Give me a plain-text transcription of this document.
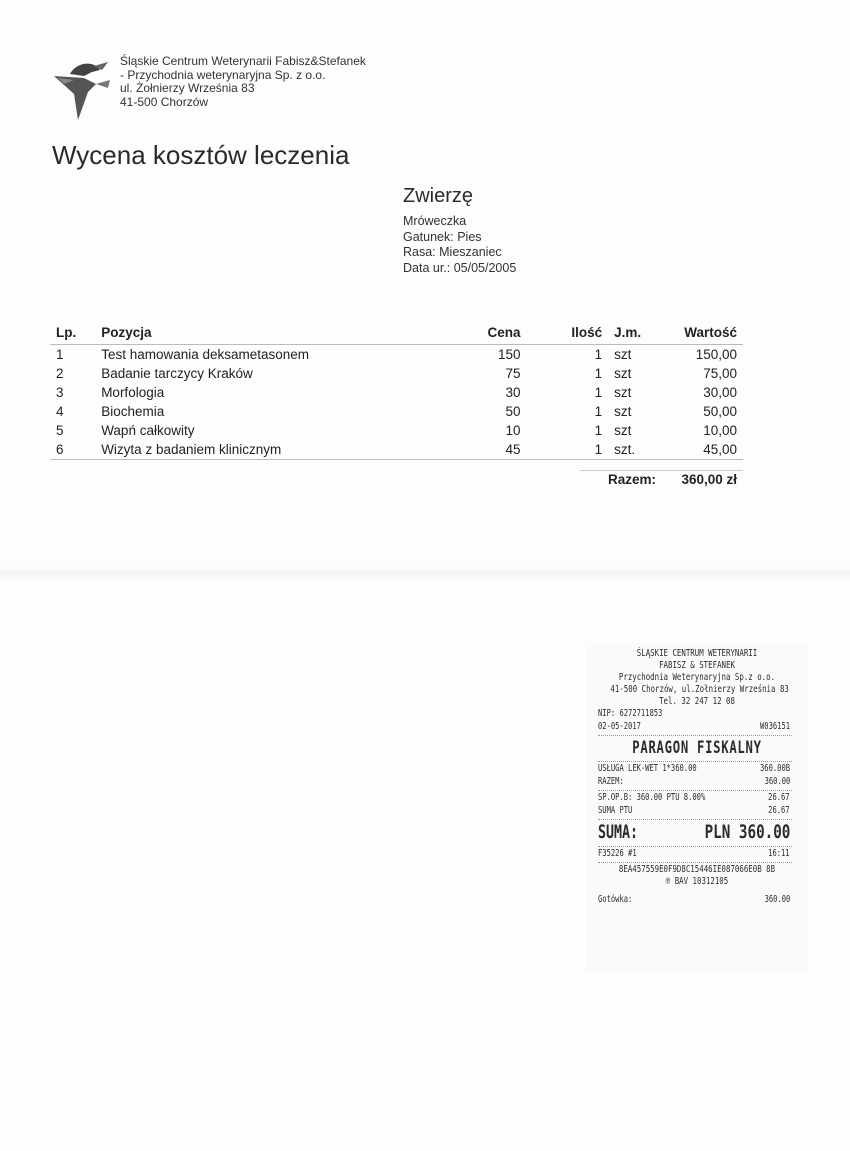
Śląskie Centrum Weterynarii Fabisz&Stefanek
- Przychodnia weterynaryjna Sp. z o.o.
ul. Żołnierzy Września 83
41-500 Chorzów
Wycena kosztów leczenia
Zwierzę
Mróweczka
Gatunek: Pies
Rasa: Mieszaniec
Data ur.: 05/05/2005
Lp.	Pozycja	Cena	Ilość	J.m.	Wartość
1	Test hamowania deksametasonem	150	1	szt	150,00
2	Badanie tarczycy Kraków	75	1	szt	75,00
3	Morfologia	30	1	szt	30,00
4	Biochemia	50	1	szt	50,00
5	Wapń całkowity	10	1	szt	10,00
6	Wizyta z badaniem klinicznym	45	1	szt.	45,00
Razem: 360,00 zł
ŚLĄSKIE CENTRUM WETERYNARII
FABISZ & STEFANEK
Przychodnia Weterynaryjna Sp.z o.o.
41-500 Chorzów, ul.Żołnierzy Września 83
Tel. 32 247 12 08
NIP: 6272711853
02-05-2017	W036151
PARAGON FISKALNY
USŁUGA LEK-WET 1*360.00	360.00B
RAZEM:	360.00
SP.OP.B: 360.00 PTU 8.00%	26.67
SUMA PTU	26.67
SUMA:	PLN 360.00
F35226 #1	16:11
8EA457559E0F9D8C15446IE087066E0B 8B
℗ BAV 10312105
Gotówka:	360.00
